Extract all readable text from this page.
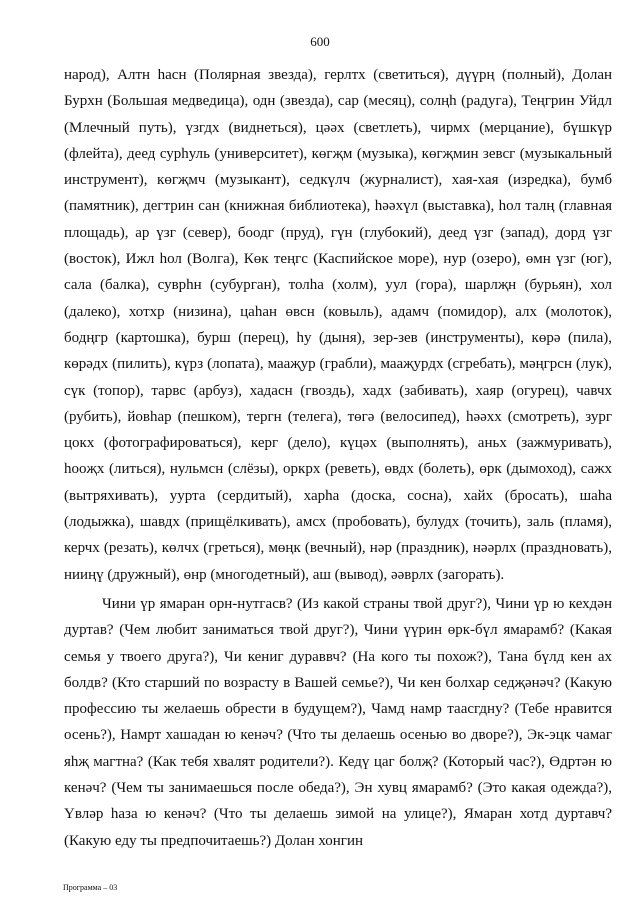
600

народ), Алтн hасн (Полярная звезда), герлтх (светиться), дүүрң (полный), Долан Бурхн (Большая медведица), одн (звезда), сар (месяц), солңһ (радуга), Теңгрин Уйдл (Млечный путь), үзгдх (виднеться), цәәх (светлеть), чирмх (мерцание), бүшкүр (флейта), деед сурһуль (университет), көгҗм (музыка), көгҗмин зевсг (музыкальный инструмент), көгҗмч (музыкант), седкүлч (журналист), хая-хая (изредка), бумб (памятник), дегтрин сан (книжная библиотека), һәәхүл (выставка), һол талң (главная площадь), ар үзг (север), боодг (пруд), гүн (глубокий), деед үзг (запад), дорд үзг (восток), Ижл һол (Волга), Көк теңгс (Каспийское море), нур (озеро), өмн үзг (юг), сала (балка), суврһн (субурган), толһа (холм), уул (гора), шарлҗн (бурьян), хол (далеко), хотхр (низина), цаһан өвсн (ковыль), адамч (помидор), алх (молоток), бодңгр (картошка), бурш (перец), һу (дыня), зер-зев (инструменты), көрә (пила), көрәдх (пилить), күрз (лопата), мааҗур (грабли), мааҗурдх (сгребать), мәңгрсн (лук), сүк (топор), тарвс (арбуз), хадасн (гвоздь), хадх (забивать), хаяр (огурец), чавчх (рубить), йовһар (пешком), тергн (телега), төгә (велосипед), һәәхх (смотреть), зург цокх (фотографироваться), керг (дело), күцәх (выполнять), аньх (зажмуривать), һооҗх (литься), нульмсн (слёзы), оркрх (реветь), өвдх (болеть), өрк (дымоход), сажх (вытряхивать), уурта (сердитый), харһа (доска, сосна), хайх (бросать), шаһа (лодыжка), шавдх (прищёлкивать), амсх (пробовать), булудх (точить), заль (пламя), керчх (резать), көлчх (греться), мөңк (вечный), нәр (праздник), нәәрлх (праздновать), нииңү (дружный), өнр (многодетный), аш (вывод), әәврлх (загорать).

Чини үр ямаран орн-нутгасв? (Из какой страны твой друг?), Чини үр ю кехдән дуртав? (Чем любит заниматься твой друг?), Чини үүрин өрк-бүл ямарамб? (Какая семья у твоего друга?), Чи кениг дураввч? (На кого ты похож?), Тана бүлд кен ах болдв? (Кто старший по возрасту в Вашей семье?), Чи кен болхар седҗәнәч? (Какую профессию ты желаешь обрести в будущем?), Чамд намр таасгдну? (Тебе нравится осень?), Намрт хашадан ю кенәч? (Что ты делаешь осенью во дворе?), Эк-эцк чамаг яһҗ магтна? (Как тебя хвалят родители?). Кедү цаг болҗ? (Который час?), Өдртән ю кенәч? (Чем ты занимаешься после обеда?), Эн хувц ямарамб? (Это какая одежда?), Үвләр һаза ю кенәч? (Что ты делаешь зимой на улице?), Ямаран хотд дуртавч? (Какую еду ты предпочитаешь?) Долан хонгин

Программа – 03
